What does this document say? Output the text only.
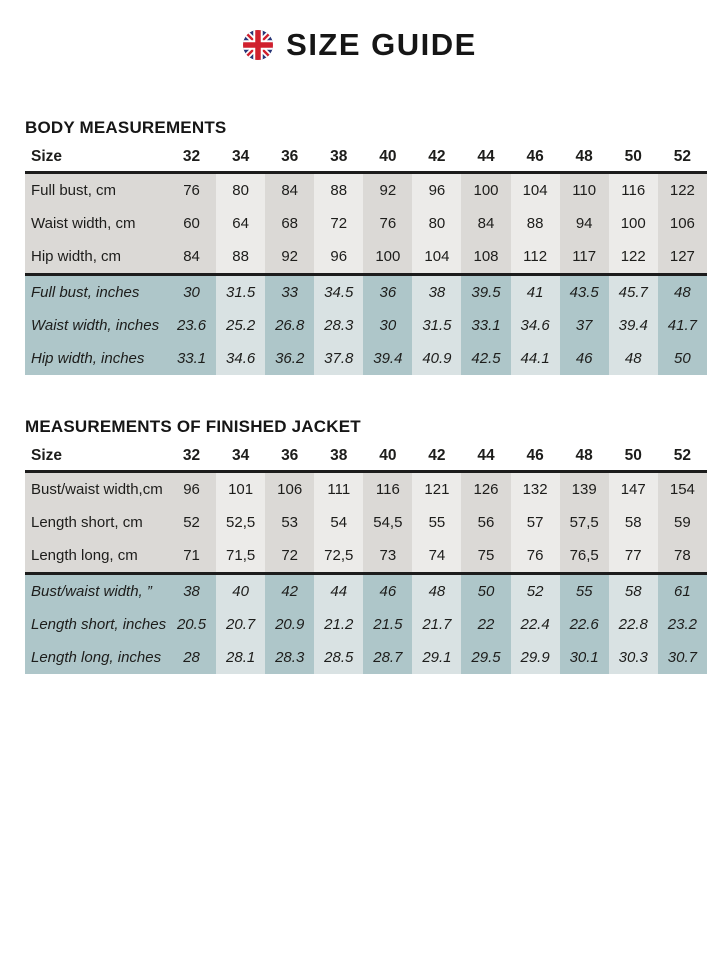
SIZE GUIDE
BODY MEASUREMENTS
Size	32	34	36	38	40	42	44	46	48	50	52
Full bust, cm	76	80	84	88	92	96	100	104	110	116	122
Waist width, cm	60	64	68	72	76	80	84	88	94	100	106
Hip width, cm	84	88	92	96	100	104	108	112	117	122	127
Full bust, inches	30	31.5	33	34.5	36	38	39.5	41	43.5	45.7	48
Waist width, inches	23.6	25.2	26.8	28.3	30	31.5	33.1	34.6	37	39.4	41.7
Hip width, inches	33.1	34.6	36.2	37.8	39.4	40.9	42.5	44.1	46	48	50
MEASUREMENTS OF FINISHED JACKET
Size	32	34	36	38	40	42	44	46	48	50	52
Bust/waist width,cm	96	101	106	111	116	121	126	132	139	147	154
Length short, cm	52	52,5	53	54	54,5	55	56	57	57,5	58	59
Length long, cm	71	71,5	72	72,5	73	74	75	76	76,5	77	78
Bust/waist width, ”	38	40	42	44	46	48	50	52	55	58	61
Length short, inches	20.5	20.7	20.9	21.2	21.5	21.7	22	22.4	22.6	22.8	23.2
Length long, inches	28	28.1	28.3	28.5	28.7	29.1	29.5	29.9	30.1	30.3	30.7
